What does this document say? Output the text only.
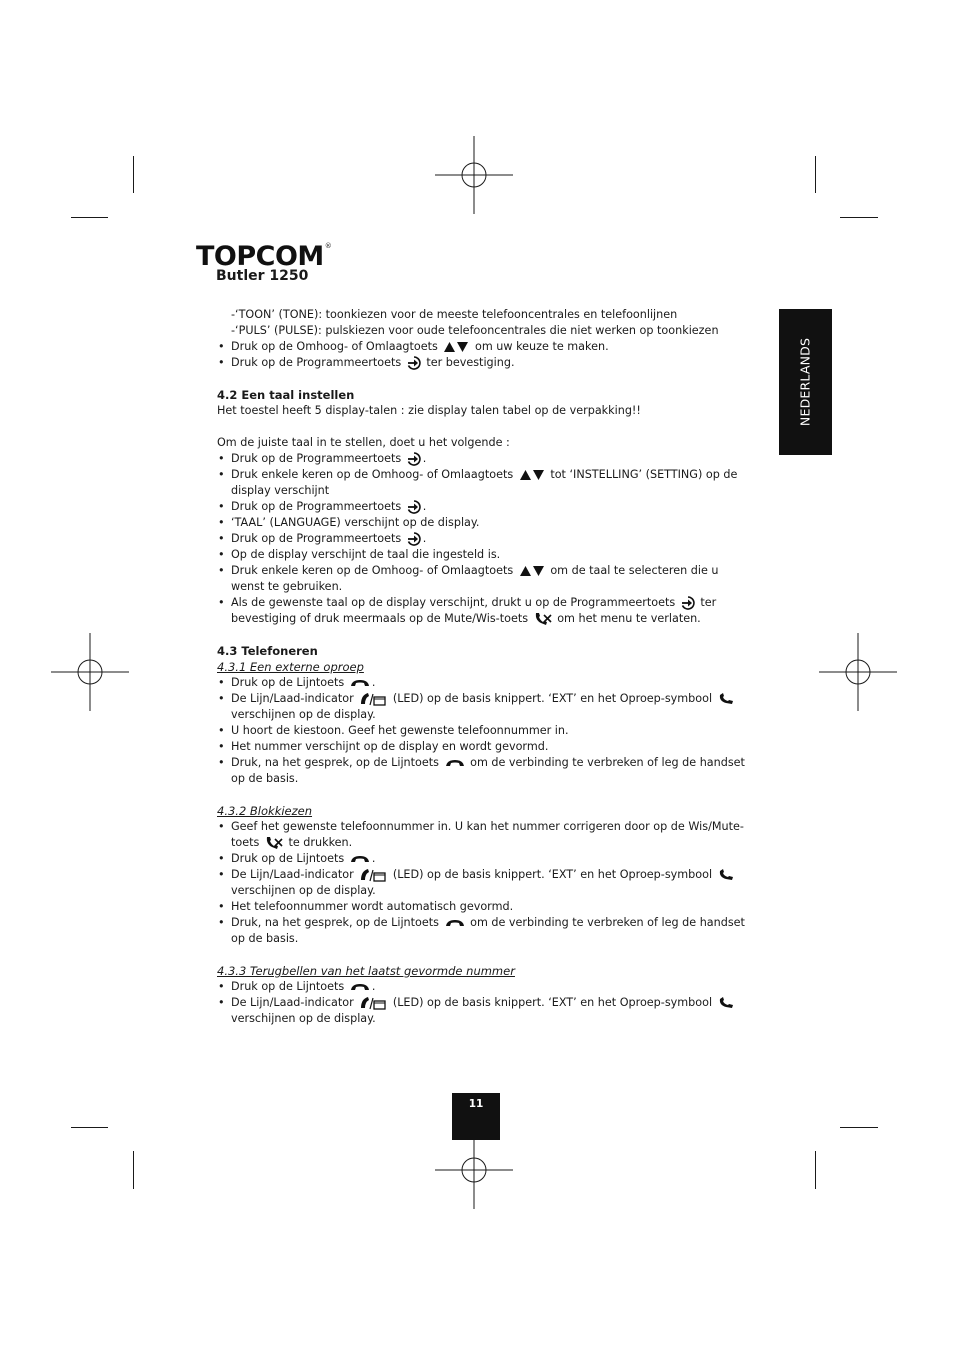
TOPCOM®
Butler 1250
NEDERLANDS

-‘TOON’ (TONE): toonkiezen voor de meeste telefooncentrales en telefoonlijnen

-‘PULS’ (PULSE): pulskiezen voor oude telefooncentrales die niet werken op toonkiezen

• Druk op de Omhoog- of Omlaagtoets	om uw keuze te maken.
• Druk op de Programmeertoets ter bevestiging.

4.2 Een taal instellen

Het toestel heeft 5 display-talen : zie display talen tabel op de verpakking!!

Om de juiste taal in te stellen, doet u het volgende :

• Druk op de Programmeertoets .
• Druk enkele keren op de Omhoog- of Omlaagtoets	tot ‘INSTELLING’ (SETTING) op de display verschijnt
• Druk op de Programmeertoets .
• ‘TAAL’ (LANGUAGE) verschijnt op de display.
• Druk op de Programmeertoets .
• Op de display verschijnt de taal die ingesteld is.
• Druk enkele keren op de Omhoog- of Omlaagtoets	om de taal te selecteren die u wenst te gebruiken.
• Als de gewenste taal op de display verschijnt, drukt u op de Programmeertoets ter bevestiging of druk meermaals op de Mute/Wis-toets	om het menu te verlaten.

4.3 Telefoneren

4.3.1 Een externe oproep

• Druk op de Lijntoets .
• De Lijn/Laad-indicator	(LED) op de basis knippert. ‘EXT’ en het Oproep-symbool  verschijnen op de display.
• U hoort de kiestoon. Geef het gewenste telefoonnummer in.
• Het nummer verschijnt op de display en wordt gevormd.
• Druk, na het gesprek, op de Lijntoets	om de verbinding te verbreken of leg de handset op de basis.

4.3.2 Blokkiezen

• Geef het gewenste telefoonnummer in. U kan het nummer corrigeren door op de Wis/Mute-toets	te drukken.
• Druk op de Lijntoets .
• De Lijn/Laad-indicator	(LED) op de basis knippert. ‘EXT’ en het Oproep-symbool  verschijnen op de display.
• Het telefoonnummer wordt automatisch gevormd.
• Druk, na het gesprek, op de Lijntoets	om de verbinding te verbreken of leg de handset op de basis.

4.3.3 Terugbellen van het laatst gevormde nummer

• Druk op de Lijntoets .
• De Lijn/Laad-indicator	(LED) op de basis knippert. ‘EXT’ en het Oproep-symbool  verschijnen op de display.
11
